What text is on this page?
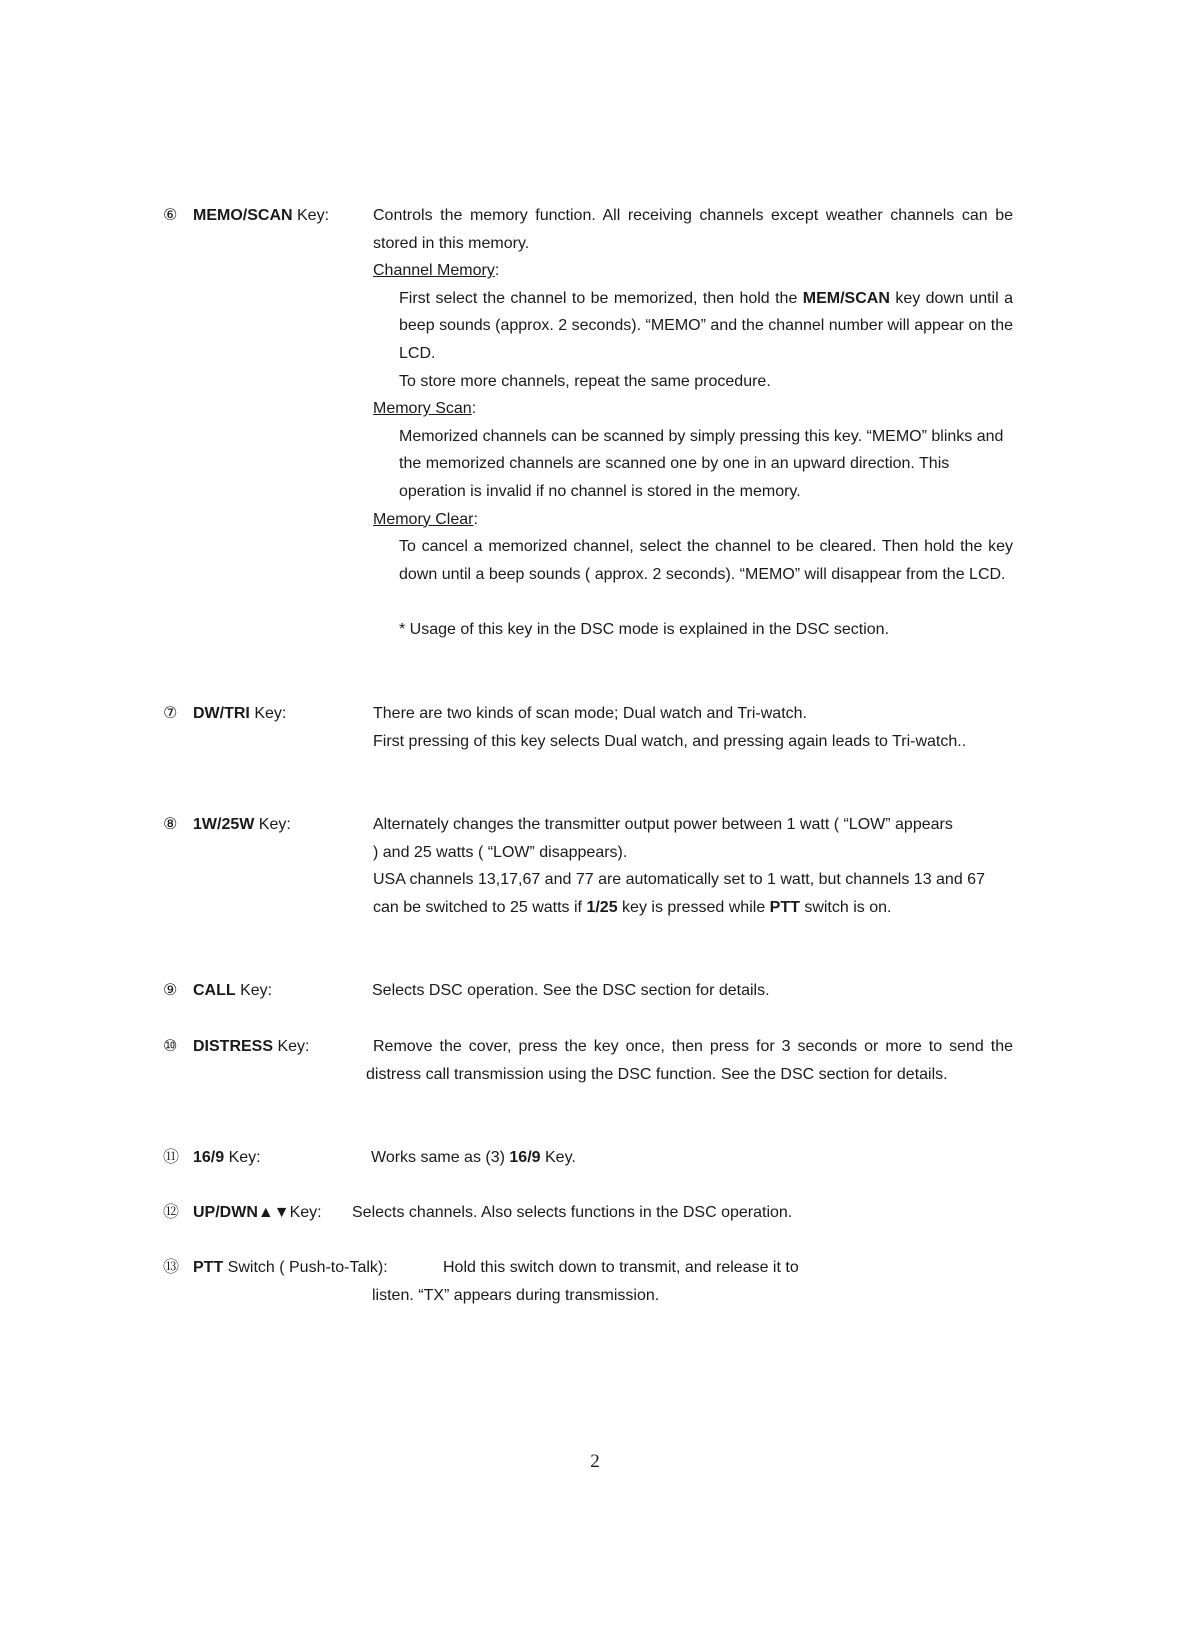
⑥ MEMO/SCAN Key:	Controls the memory function. All receiving channels except weather channels can be stored in this memory.

Channel Memory:

First select the channel to be memorized, then hold the MEM/SCAN key down until a beep sounds (approx. 2 seconds). “MEMO” and the channel number will appear on the LCD.

To store more channels, repeat the same procedure.

Memory Scan:

Memorized channels can be scanned by simply pressing this key. “MEMO” blinks and the memorized channels are scanned one by one in an upward direction. This operation is invalid if no channel is stored in the memory.

Memory Clear:

To cancel a memorized channel, select the channel to be cleared. Then hold the key down until a beep sounds ( approx. 2 seconds). “MEMO” will disappear from the LCD.

* Usage of this key in the DSC mode is explained in the DSC section.

⑦ DW/TRI Key:	There are two kinds of scan mode; Dual watch and Tri-watch.

First pressing of this key selects Dual watch, and pressing again leads to Tri-watch..

⑧ 1W/25W Key:	Alternately changes the transmitter output power between 1 watt ( “LOW” appears ) and 25 watts ( “LOW” disappears).

USA channels 13,17,67 and 77 are automatically set to 1 watt, but channels 13 and 67 can be switched to 25 watts if 1/25 key is pressed while PTT switch is on.

⑨ CALL Key:	Selects DSC operation. See the DSC section for details.

⑩ DISTRESS Key:	Remove the cover, press the key once, then press for 3 seconds or more to send the distress call transmission using the DSC function. See the DSC section for details.

⑪ 16/9 Key:	Works same as (3) 16/9 Key.

⑫ UP/DWN▲▼Key: Selects channels. Also selects functions in the DSC operation.

⑬ PTT Switch ( Push-to-Talk):	Hold this switch down to transmit, and release it to

listen. “TX” appears during transmission.

2
